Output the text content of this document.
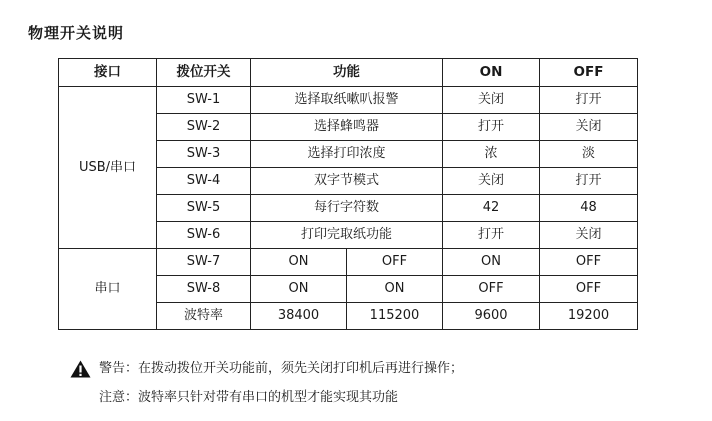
物理开关说明
接口	拨位开关	功能		ON	OFF
USB/串口	SW-1	选择取纸嗽叭报警		关闭	打开
	SW-2	选择蜂鸣器		打开	关闭
	SW-3	选择打印浓度		浓	淡
	SW-4	双字节模式		关闭	打开
	SW-5	每行字符数		42	48
	SW-6	打印完取纸功能		打开	关闭
串口	SW-7	ON	OFF	ON	OFF
	SW-8	ON	ON	OFF	OFF
	波特率	38400	115200	9600	19200
警告：在拨动拨位开关功能前，须先关闭打印机后再进行操作；
注意：波特率只针对带有串口的机型才能实现其功能
